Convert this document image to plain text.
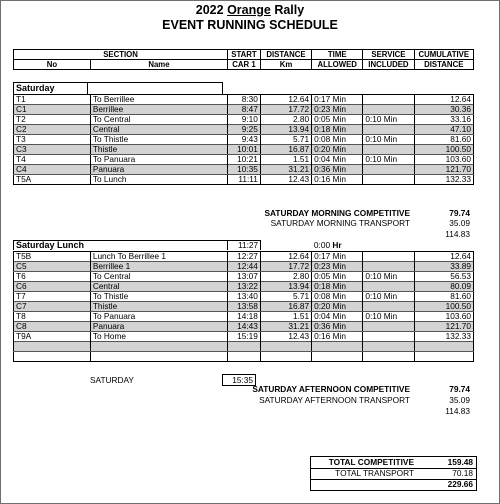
2022 Orange Rally
EVENT RUNNING SCHEDULE
SECTION		START	DISTANCE	TIME	SERVICE	CUMULATIVE
No	Name	CAR 1	Km	ALLOWED	INCLUDED	DISTANCE
Saturday
T1	To Berrillee	8:30	12.64	0:17 Min		12.64
C1	Berrillee	8:47	17.72	0:23 Min		30.36
T2	To Central	9:10	2.80	0:05 Min	0:10 Min	33.16
C2	Central	9:25	13.94	0:18 Min		47.10
T3	To Thistle	9:43	5.71	0:08 Min	0:10 Min	81.60
C3	Thistle	10:01	16.87	0:20 Min		100.50
T4	To Panuara	10:21	1.51	0:04 Min	0:10 Min	103.60
C4	Panuara	10:35	31.21	0:36 Min		121.70
T5A	To Lunch	11:11	12.43	0:16 Min		132.33
SATURDAY MORNING COMPETITIVE	79.74
SATURDAY MORNING TRANSPORT	35.09
114.83
Saturday Lunch	11:27		0:00 Hr		
T5B	Lunch To Berrillee 1	12:27	12.64	0:17 Min		12.64
C5	Berrillee 1	12:44	17.72	0:23 Min		33.89
T6	To Central	13:07	2.80	0:05 Min	0:10 Min	56.53
C6	Central	13:22	13.94	0:18 Min		80.09
T7	To Thistle	13:40	5.71	0:08 Min	0:10 Min	81.60
C7	Thistle	13:58	16.87	0:20 Min		100.50
T8	To Panuara	14:18	1.51	0:04 Min	0:10 Min	103.60
C8	Panuara	14:43	31.21	0:36 Min		121.70
T9A	To Home	15:19	12.43	0:16 Min		132.33

SATURDAY	15:35
SATURDAY AFTERNOON COMPETITIVE	79.74
SATURDAY AFTERNOON TRANSPORT	35.09
114.83
TOTAL COMPETITIVE	159.48
TOTAL TRANSPORT	70.18
229.66
